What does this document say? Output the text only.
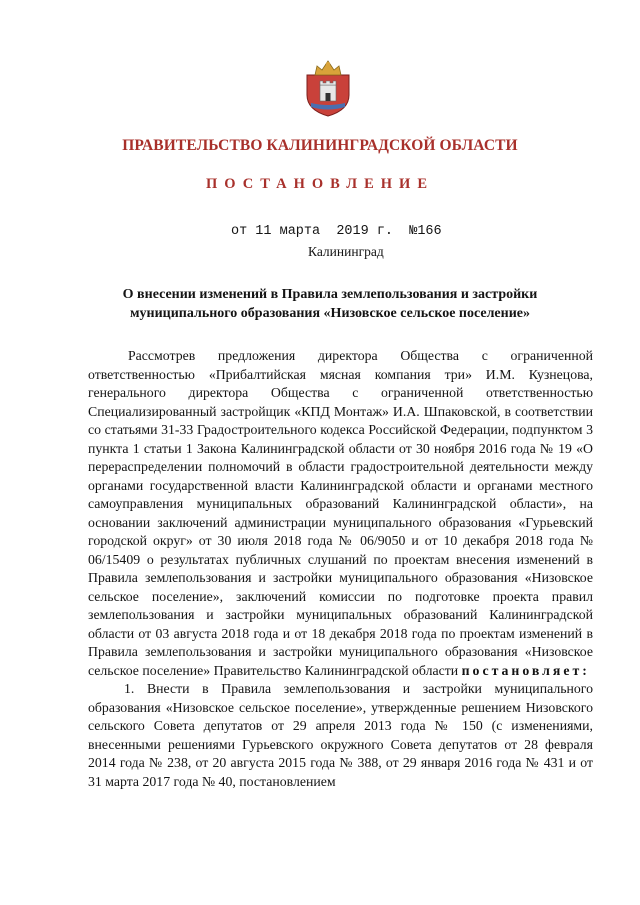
ПРАВИТЕЛЬСТВО КАЛИНИНГРАДСКОЙ ОБЛАСТИ
ПОСТАНОВЛЕНИЕ
от 11 марта  2019 г.  №166
Калининград
О внесении изменений в Правила землепользования и застройки
муниципального образования «Низовское сельское поселение»

Рассмотрев предложения директора Общества с ограниченной ответственностью «Прибалтийская мясная компания три» И.М. Кузнецова, генерального директора Общества с ограниченной ответственностью Специализированный застройщик «КПД Монтаж» И.А. Шпаковской, в соответствии со статьями 31-33 Градостроительного кодекса Российской Федерации, подпунктом 3 пункта 1 статьи 1 Закона Калининградской области от 30 ноября 2016 года № 19 «О перераспределении полномочий в области градостроительной деятельности между органами государственной власти Калининградской области и органами местного самоуправления муниципальных образований Калининградской области», на основании заключений администрации муниципального образования «Гурьевский городской округ» от 30 июля 2018 года № 06/9050 и от 10 декабря 2018 года № 06/15409 о результатах публичных слушаний по проектам внесения изменений в Правила землепользования и застройки муниципального образования «Низовское сельское поселение», заключений комиссии по подготовке проекта правил землепользования и застройки муниципальных образований Калининградской области от 03 августа 2018 года и от 18 декабря 2018 года по проектам изменений в Правила землепользования и застройки муниципального образования «Низовское сельское поселение» Правительство Калининградской области постановляет:

1. Внести в Правила землепользования и застройки муниципального образования «Низовское сельское поселение», утвержденные решением Низовского сельского Совета депутатов от 29 апреля 2013 года № 150 (с изменениями, внесенными решениями Гурьевского окружного Совета депутатов от 28 февраля 2014 года № 238, от 20 августа 2015 года № 388, от 29 января 2016 года № 431 и от 31 марта 2017 года № 40, постановлением
